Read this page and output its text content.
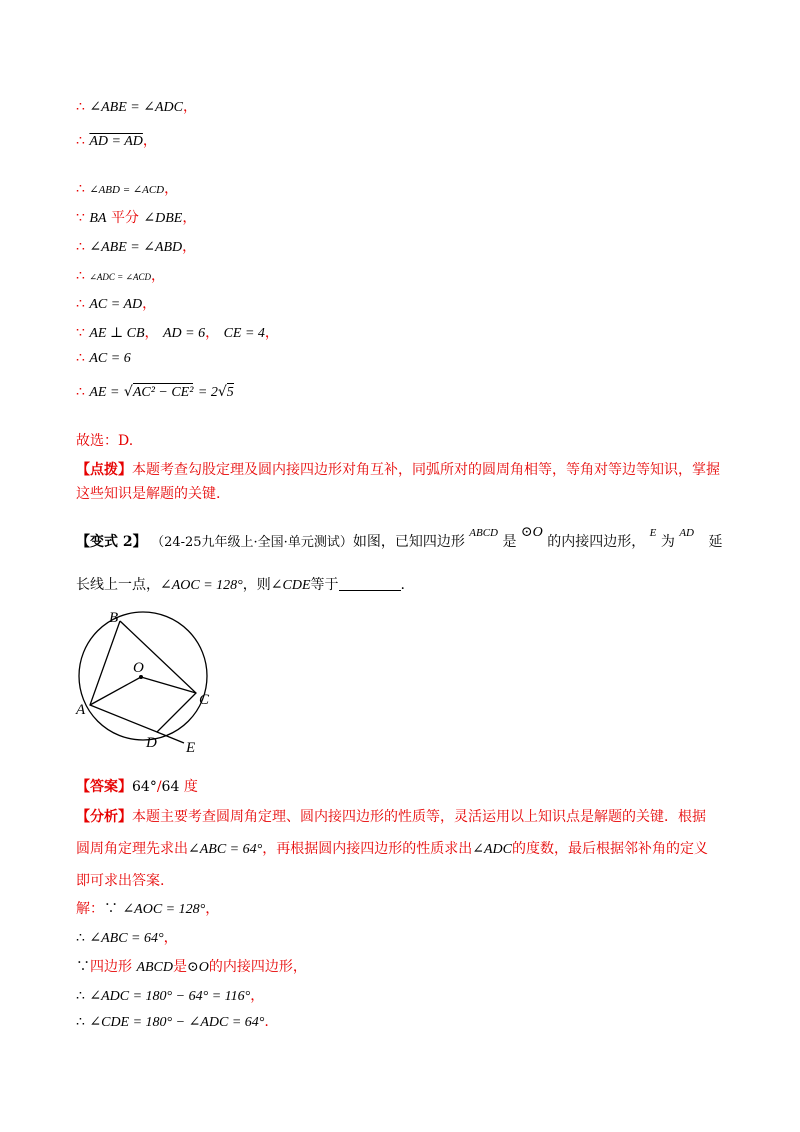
∴ ∠ABE = ∠ADC，
∴ AD = AD，
∴ ∠ABD = ∠ACD，
∵ BA 平分 ∠DBE，
∴ ∠ABE = ∠ABD，
∴ ∠ADC = ∠ACD，
∴ AC = AD，
∵ AE ⊥ CB， AD = 6， CE = 4，
∴ AC = 6
∴ AE = √AC² − CE² = 2√5
故选：D.
【点拨】本题考查勾股定理及圆内接四边形对角互补，同弧所对的圆周角相等，等角对等边等知识，掌握这些知识是解题的关键.
【变式 2】 （24-25九年级上·全国·单元测试）如图，已知四边形 $^{ABCD}$ 是 ⊙O 的内接四边形， $^E$ 为 $^{AD}$ 延
长线上一点，∠AOC = 128°，则∠CDE等于	.
B
O
C
A
D E
【答案】64°/64 度
【分析】本题主要考查圆周角定理、圆内接四边形的性质等，灵活运用以上知识点是解题的关键．根据
圆周角定理先求出∠ABC = 64°，再根据圆内接四边形的性质求出∠ADC的度数，最后根据邻补角的定义
即可求出答案.
解：∵ ∠AOC = 128°，
∴ ∠ABC = 64°，
∵四边形 ABCD是⊙O的内接四边形，
∴ ∠ADC = 180° − 64° = 116°，
∴ ∠CDE = 180° − ∠ADC = 64°.
